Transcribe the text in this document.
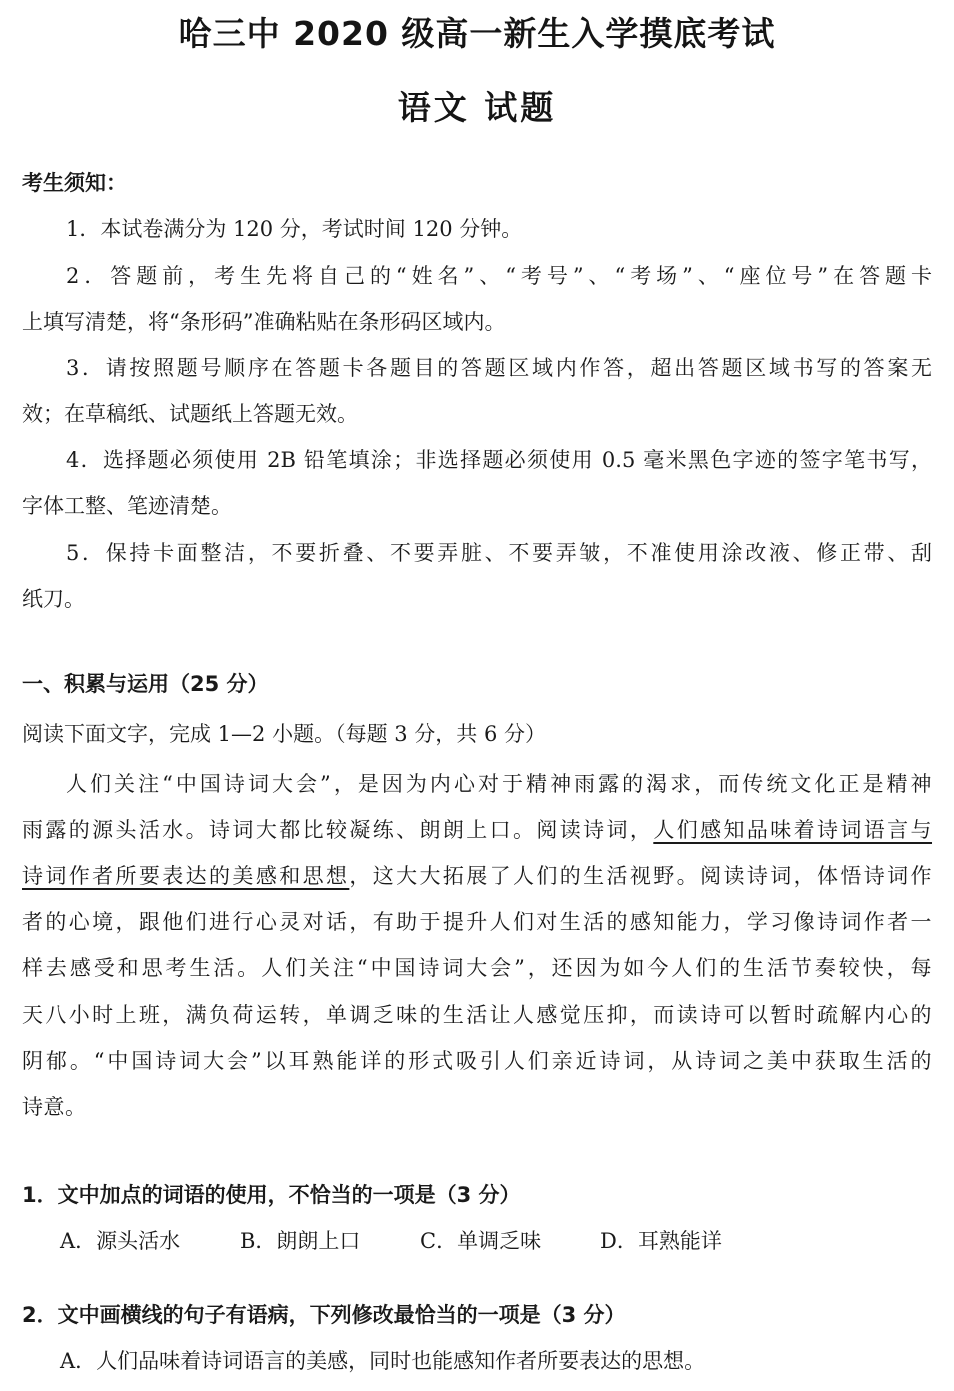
哈三中 2020 级高一新生入学摸底考试
语文 试题
考生须知：
1．本试卷满分为 120 分，考试时间 120 分钟。
2．答题前，考生先将自己的“姓名”、“考号”、“考场”、“座位号”在答题卡
上填写清楚，将“条形码”准确粘贴在条形码区域内。
3．请按照题号顺序在答题卡各题目的答题区域内作答，超出答题区域书写的答案无
效；在草稿纸、试题纸上答题无效。
4．选择题必须使用 2B 铅笔填涂；非选择题必须使用 0.5 毫米黑色字迹的签字笔书写，
字体工整、笔迹清楚。
5．保持卡面整洁，不要折叠、不要弄脏、不要弄皱，不准使用涂改液、修正带、刮
纸刀。
一、积累与运用（25 分）
阅读下面文字，完成 1—2 小题。（每题 3 分，共 6 分）
人们关注“中国诗词大会”，是因为内心对于精神雨露的渴求，而传统文化正是精神
雨露的源头活水。诗词大都比较凝练、朗朗上口。阅读诗词，人们感知品味着诗词语言与
诗词作者所要表达的美感和思想，这大大拓展了人们的生活视野。阅读诗词，体悟诗词作
者的心境，跟他们进行心灵对话，有助于提升人们对生活的感知能力，学习像诗词作者一
样去感受和思考生活。人们关注“中国诗词大会”，还因为如今人们的生活节奏较快，每
天八小时上班，满负荷运转，单调乏味的生活让人感觉压抑，而读诗可以暂时疏解内心的
阴郁。“中国诗词大会”以耳熟能详的形式吸引人们亲近诗词，从诗词之美中获取生活的
诗意。
1．文中加点的词语的使用，不恰当的一项是（3 分）
A．源头活水	B．朗朗上口	C．单调乏味	D．耳熟能详
2．文中画横线的句子有语病，下列修改最恰当的一项是（3 分）
A．人们品味着诗词语言的美感，同时也能感知作者所要表达的思想。
